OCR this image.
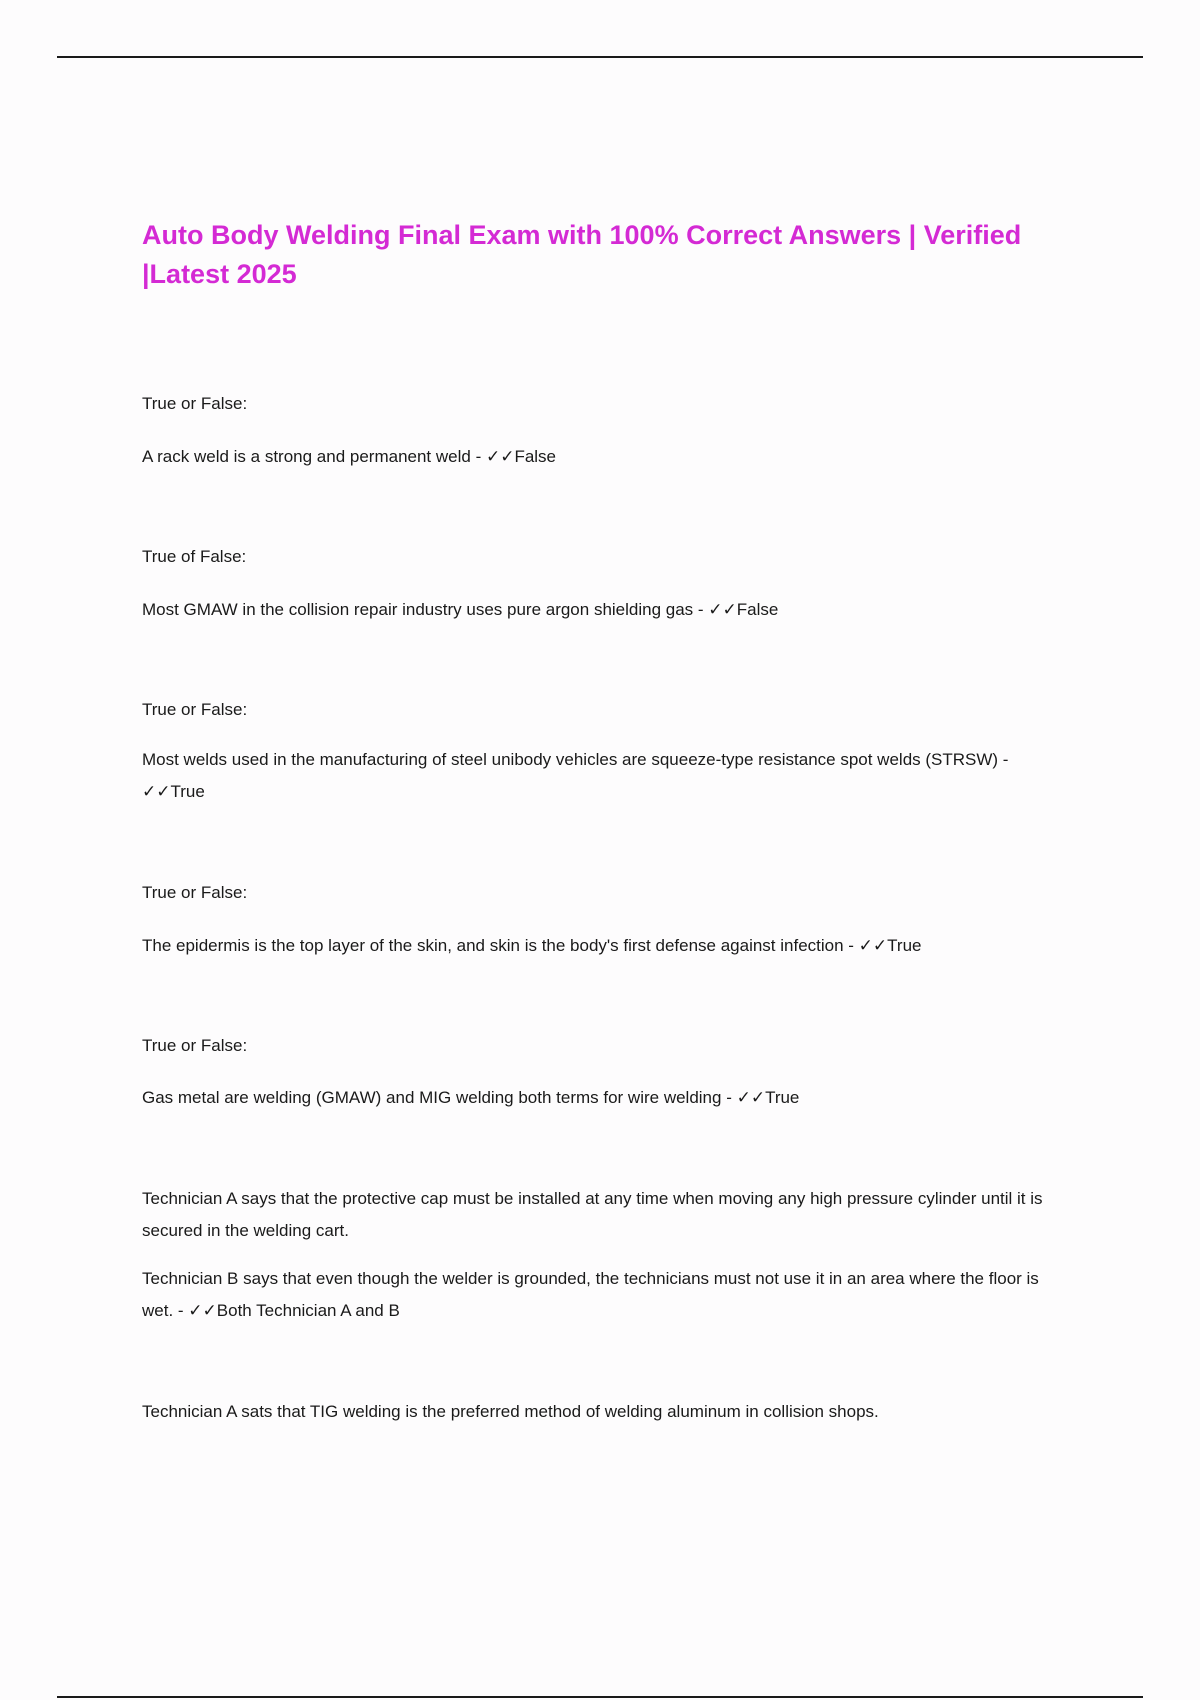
Auto Body Welding Final Exam with 100% Correct Answers | Verified |Latest 2025

True or False:

A rack weld is a strong and permanent weld - ✓✓False

True of False:

Most GMAW in the collision repair industry uses pure argon shielding gas - ✓✓False

True or False:

Most welds used in the manufacturing of steel unibody vehicles are squeeze-type resistance spot welds (STRSW) - ✓✓True

True or False:

The epidermis is the top layer of the skin, and skin is the body's first defense against infection - ✓✓True

True or False:

Gas metal are welding (GMAW) and MIG welding both terms for wire welding - ✓✓True

Technician A says that the protective cap must be installed at any time when moving any high pressure cylinder until it is secured in the welding cart.

Technician B says that even though the welder is grounded, the technicians must not use it in an area where the floor is wet. - ✓✓Both Technician A and B

Technician A sats that TIG welding is the preferred method of welding aluminum in collision shops.
